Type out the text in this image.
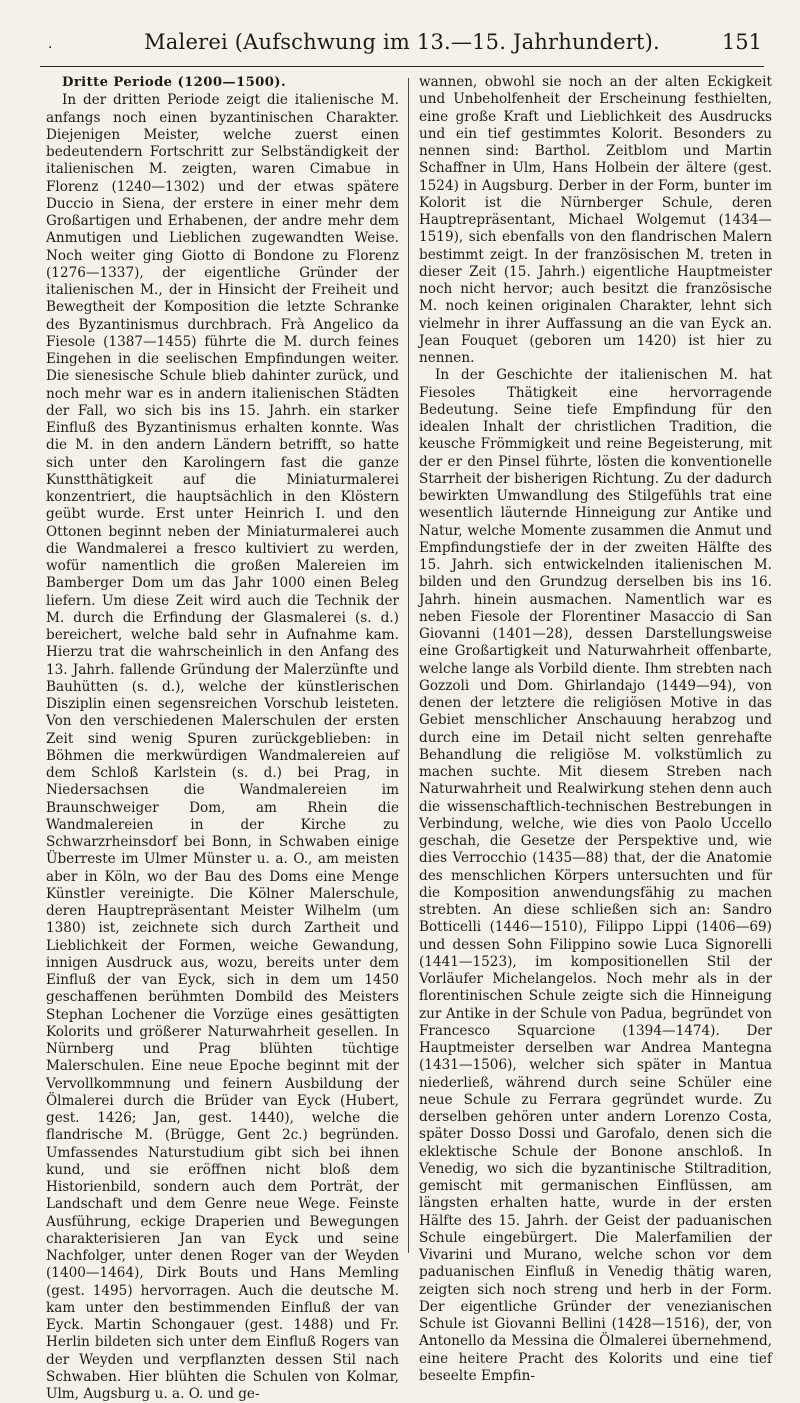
·	Malerei (Aufschwung im 13.—15. Jahrhundert).	151
Dritte Periode (1200—1500).

In der dritten Periode zeigt die italienische M. anfangs noch einen byzantinischen Charakter. Diejenigen Meister, welche zuerst einen bedeutendern Fortschritt zur Selbständigkeit der italienischen M. zeigten, waren Cimabue in Florenz (1240—1302) und der etwas spätere Duccio in Siena, der erstere in einer mehr dem Großartigen und Erhabenen, der andre mehr dem Anmutigen und Lieblichen zugewandten Weise. Noch weiter ging Giotto di Bondone zu Florenz (1276—1337), der eigentliche Gründer der italienischen M., der in Hinsicht der Freiheit und Bewegtheit der Komposition die letzte Schranke des Byzantinismus durchbrach. Frà Angelico da Fiesole (1387—1455) führte die M. durch feines Eingehen in die seelischen Empfindungen weiter. Die sienesische Schule blieb dahinter zurück, und noch mehr war es in andern italienischen Städten der Fall, wo sich bis ins 15. Jahrh. ein starker Einfluß des Byzantinismus erhalten konnte. Was die M. in den andern Ländern betrifft, so hatte sich unter den Karolingern fast die ganze Kunstthätigkeit auf die Miniaturmalerei konzentriert, die hauptsächlich in den Klöstern geübt wurde. Erst unter Heinrich I. und den Ottonen beginnt neben der Miniaturmalerei auch die Wandmalerei a fresco kultiviert zu werden, wofür namentlich die großen Malereien im Bamberger Dom um das Jahr 1000 einen Beleg liefern. Um diese Zeit wird auch die Technik der M. durch die Erfindung der Glasmalerei (s. d.) bereichert, welche bald sehr in Aufnahme kam. Hierzu trat die wahrscheinlich in den Anfang des 13. Jahrh. fallende Gründung der Malerzünfte und Bauhütten (s. d.), welche der künstlerischen Disziplin einen segensreichen Vorschub leisteten. Von den verschiedenen Malerschulen der ersten Zeit sind wenig Spuren zurückgeblieben: in Böhmen die merkwürdigen Wandmalereien auf dem Schloß Karlstein (s. d.) bei Prag, in Niedersachsen die Wandmalereien im Braunschweiger Dom, am Rhein die Wandmalereien in der Kirche zu Schwarzrheinsdorf bei Bonn, in Schwaben einige Überreste im Ulmer Münster u. a. O., am meisten aber in Köln, wo der Bau des Doms eine Menge Künstler vereinigte. Die Kölner Malerschule, deren Hauptrepräsentant Meister Wilhelm (um 1380) ist, zeichnete sich durch Zartheit und Lieblichkeit der Formen, weiche Gewandung, innigen Ausdruck aus, wozu, bereits unter dem Einfluß der van Eyck, sich in dem um 1450 geschaffenen berühmten Dombild des Meisters Stephan Lochener die Vorzüge eines gesättigten Kolorits und größerer Naturwahrheit gesellen. In Nürnberg und Prag blühten tüchtige Malerschulen. Eine neue Epoche beginnt mit der Vervollkommnung und feinern Ausbildung der Ölmalerei durch die Brüder van Eyck (Hubert, gest. 1426; Jan, gest. 1440), welche die flandrische M. (Brügge, Gent 2c.) begründen. Umfassendes Naturstudium gibt sich bei ihnen kund, und sie eröffnen nicht bloß dem Historienbild, sondern auch dem Porträt, der Landschaft und dem Genre neue Wege. Feinste Ausführung, eckige Draperien und Bewegungen charakterisieren Jan van Eyck und seine Nachfolger, unter denen Roger van der Weyden (1400—1464), Dirk Bouts und Hans Memling (gest. 1495) hervorragen. Auch die deutsche M. kam unter den bestimmenden Einfluß der van Eyck. Martin Schongauer (gest. 1488) und Fr. Herlin bildeten sich unter dem Einfluß Rogers van der Weyden und verpflanzten dessen Stil nach Schwaben. Hier blühten die Schulen von Kolmar, Ulm, Augsburg u. a. O. und ge-

wannen, obwohl sie noch an der alten Eckigkeit und Unbeholfenheit der Erscheinung festhielten, eine große Kraft und Lieblichkeit des Ausdrucks und ein tief gestimmtes Kolorit. Besonders zu nennen sind: Barthol. Zeitblom und Martin Schaffner in Ulm, Hans Holbein der ältere (gest. 1524) in Augsburg. Derber in der Form, bunter im Kolorit ist die Nürnberger Schule, deren Hauptrepräsentant, Michael Wolgemut (1434—1519), sich ebenfalls von den flandrischen Malern bestimmt zeigt. In der französischen M. treten in dieser Zeit (15. Jahrh.) eigentliche Hauptmeister noch nicht hervor; auch besitzt die französische M. noch keinen originalen Charakter, lehnt sich vielmehr in ihrer Auffassung an die van Eyck an. Jean Fouquet (geboren um 1420) ist hier zu nennen.

In der Geschichte der italienischen M. hat Fiesoles Thätigkeit eine hervorragende Bedeutung. Seine tiefe Empfindung für den idealen Inhalt der christlichen Tradition, die keusche Frömmigkeit und reine Begeisterung, mit der er den Pinsel führte, lösten die konventionelle Starrheit der bisherigen Richtung. Zu der dadurch bewirkten Umwandlung des Stilgefühls trat eine wesentlich läuternde Hinneigung zur Antike und Natur, welche Momente zusammen die Anmut und Empfindungstiefe der in der zweiten Hälfte des 15. Jahrh. sich entwickelnden italienischen M. bilden und den Grundzug derselben bis ins 16. Jahrh. hinein ausmachen. Namentlich war es neben Fiesole der Florentiner Masaccio di San Giovanni (1401—28), dessen Darstellungsweise eine Großartigkeit und Naturwahrheit offenbarte, welche lange als Vorbild diente. Ihm strebten nach Gozzoli und Dom. Ghirlandajo (1449—94), von denen der letztere die religiösen Motive in das Gebiet menschlicher Anschauung herabzog und durch eine im Detail nicht selten genrehafte Behandlung die religiöse M. volkstümlich zu machen suchte. Mit diesem Streben nach Naturwahrheit und Realwirkung stehen denn auch die wissenschaftlich-technischen Bestrebungen in Verbindung, welche, wie dies von Paolo Uccello geschah, die Gesetze der Perspektive und, wie dies Verrocchio (1435—88) that, der die Anatomie des menschlichen Körpers untersuchten und für die Komposition anwendungsfähig zu machen strebten. An diese schließen sich an: Sandro Botticelli (1446—1510), Filippo Lippi (1406—69) und dessen Sohn Filippino sowie Luca Signorelli (1441—1523), im kompositionellen Stil der Vorläufer Michelangelos. Noch mehr als in der florentinischen Schule zeigte sich die Hinneigung zur Antike in der Schule von Padua, begründet von Francesco Squarcione (1394—1474). Der Hauptmeister derselben war Andrea Mantegna (1431—1506), welcher sich später in Mantua niederließ, während durch seine Schüler eine neue Schule zu Ferrara gegründet wurde. Zu derselben gehören unter andern Lorenzo Costa, später Dosso Dossi und Garofalo, denen sich die eklektische Schule der Bonone anschloß. In Venedig, wo sich die byzantinische Stiltradition, gemischt mit germanischen Einflüssen, am längsten erhalten hatte, wurde in der ersten Hälfte des 15. Jahrh. der Geist der paduanischen Schule eingebürgert. Die Malerfamilien der Vivarini und Murano, welche schon vor dem paduanischen Einfluß in Venedig thätig waren, zeigten sich noch streng und herb in der Form. Der eigentliche Gründer der venezianischen Schule ist Giovanni Bellini (1428—1516), der, von Antonello da Messina die Ölmalerei übernehmend, eine heitere Pracht des Kolorits und eine tief beseelte Empfin-
